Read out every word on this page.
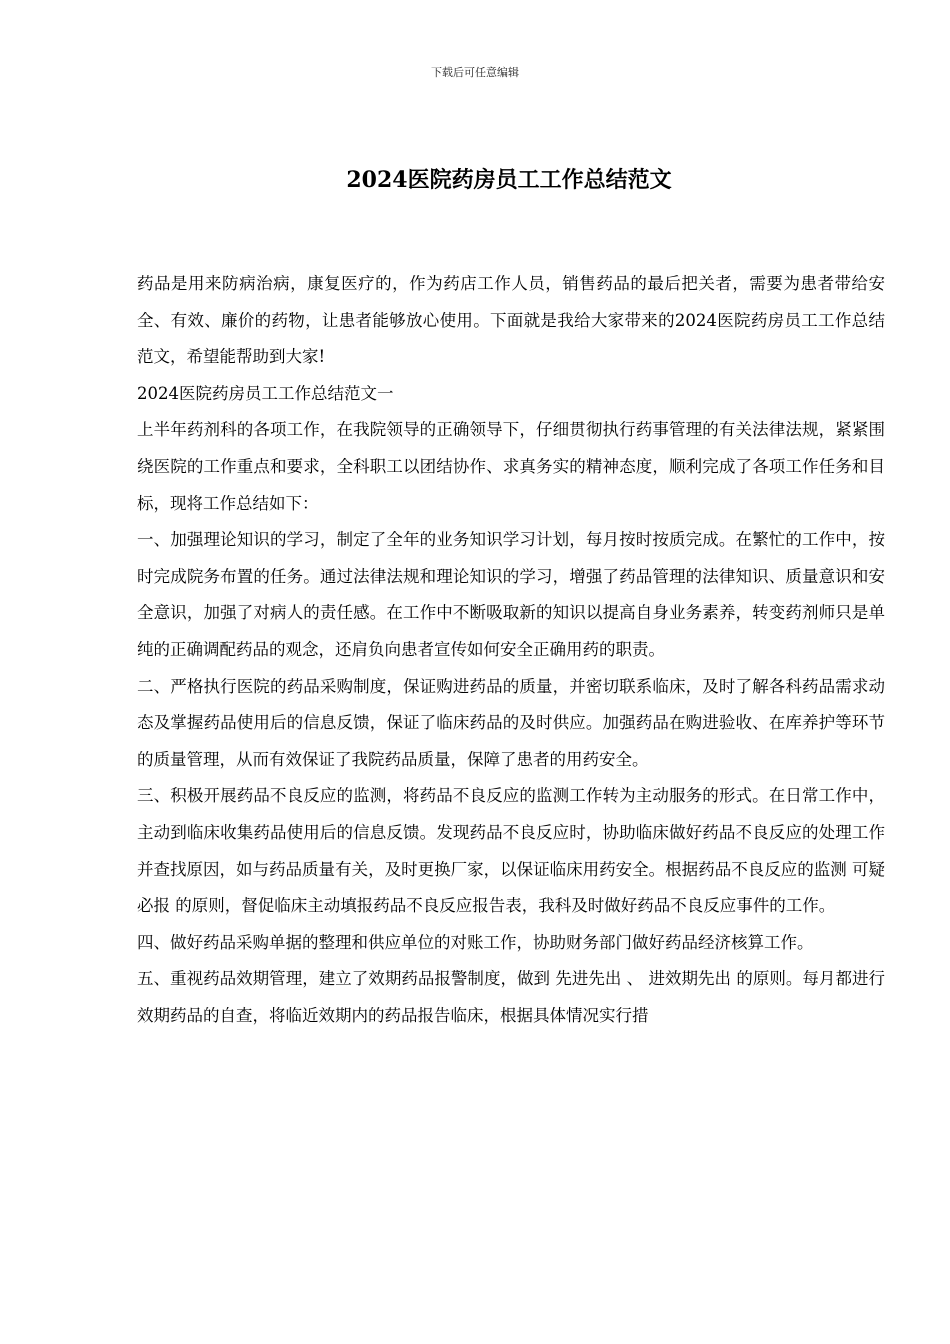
下载后可任意编辑
2024医院药房员工工作总结范文

药品是用来防病治病，康复医疗的，作为药店工作人员，销售药品的最后把关者，需要为患者带给安全、有效、廉价的药物，让患者能够放心使用。下面就是我给大家带来的2024医院药房员工工作总结范文，希望能帮助到大家!

2024医院药房员工工作总结范文一

上半年药剂科的各项工作，在我院领导的正确领导下，仔细贯彻执行药事管理的有关法律法规，紧紧围绕医院的工作重点和要求，全科职工以团结协作、求真务实的精神态度，顺利完成了各项工作任务和目标，现将工作总结如下：

一、加强理论知识的学习，制定了全年的业务知识学习计划，每月按时按质完成。在繁忙的工作中，按时完成院务布置的任务。通过法律法规和理论知识的学习，增强了药品管理的法律知识、质量意识和安全意识，加强了对病人的责任感。在工作中不断吸取新的知识以提高自身业务素养，转变药剂师只是单纯的正确调配药品的观念，还肩负向患者宣传如何安全正确用药的职责。

二、严格执行医院的药品采购制度，保证购进药品的质量，并密切联系临床，及时了解各科药品需求动态及掌握药品使用后的信息反馈，保证了临床药品的及时供应。加强药品在购进验收、在库养护等环节的质量管理，从而有效保证了我院药品质量，保障了患者的用药安全。

三、积极开展药品不良反应的监测，将药品不良反应的监测工作转为主动服务的形式。在日常工作中，主动到临床收集药品使用后的信息反馈。发现药品不良反应时，协助临床做好药品不良反应的处理工作并查找原因，如与药品质量有关，及时更换厂家，以保证临床用药安全。根据药品不良反应的监测 可疑必报 的原则，督促临床主动填报药品不良反应报告表，我科及时做好药品不良反应事件的工作。

四、做好药品采购单据的整理和供应单位的对账工作，协助财务部门做好药品经济核算工作。

五、重视药品效期管理，建立了效期药品报警制度，做到 先进先出 、 进效期先出 的原则。每月都进行效期药品的自查，将临近效期内的药品报告临床，根据具体情况实行措
